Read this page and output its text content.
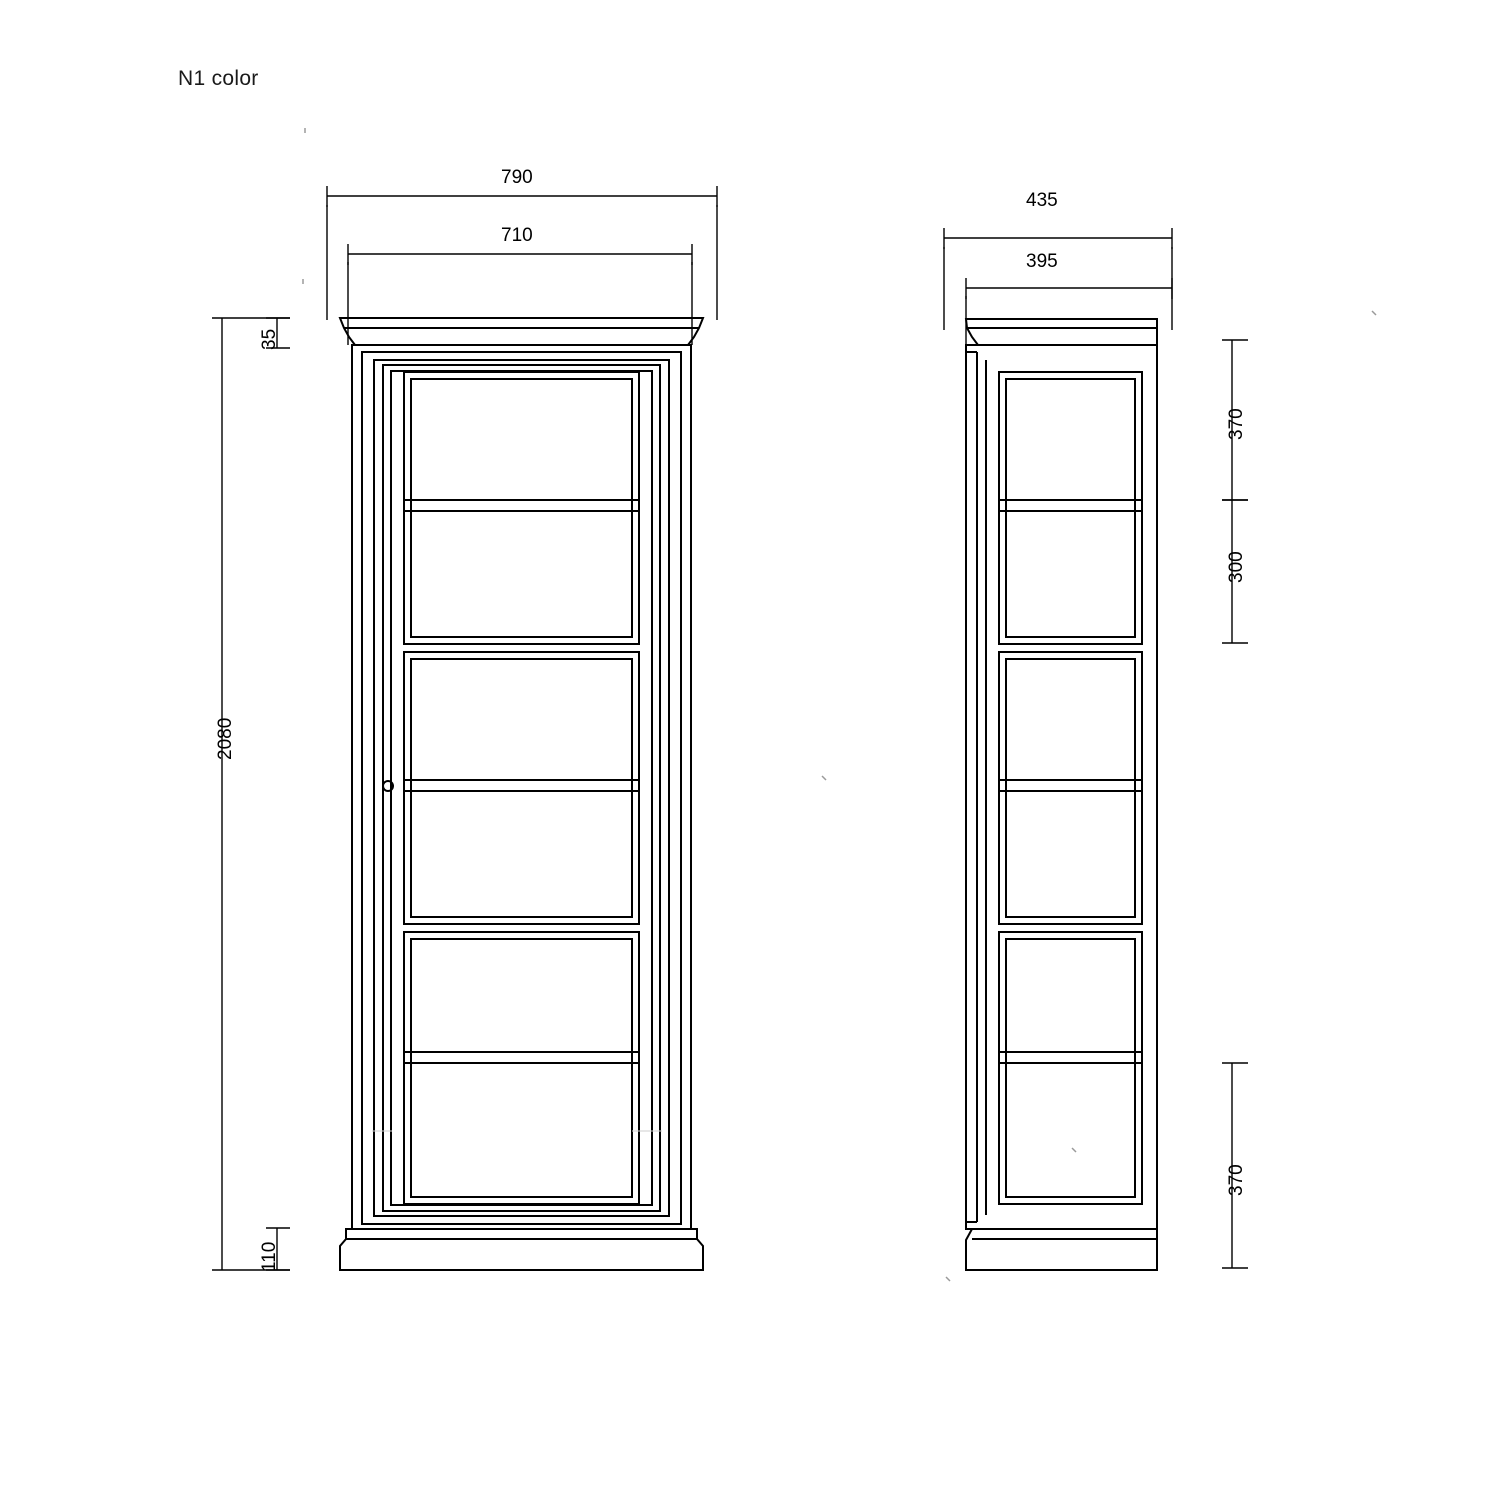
N1 color
790
710
35
2080
110
435
395
370
300
370
